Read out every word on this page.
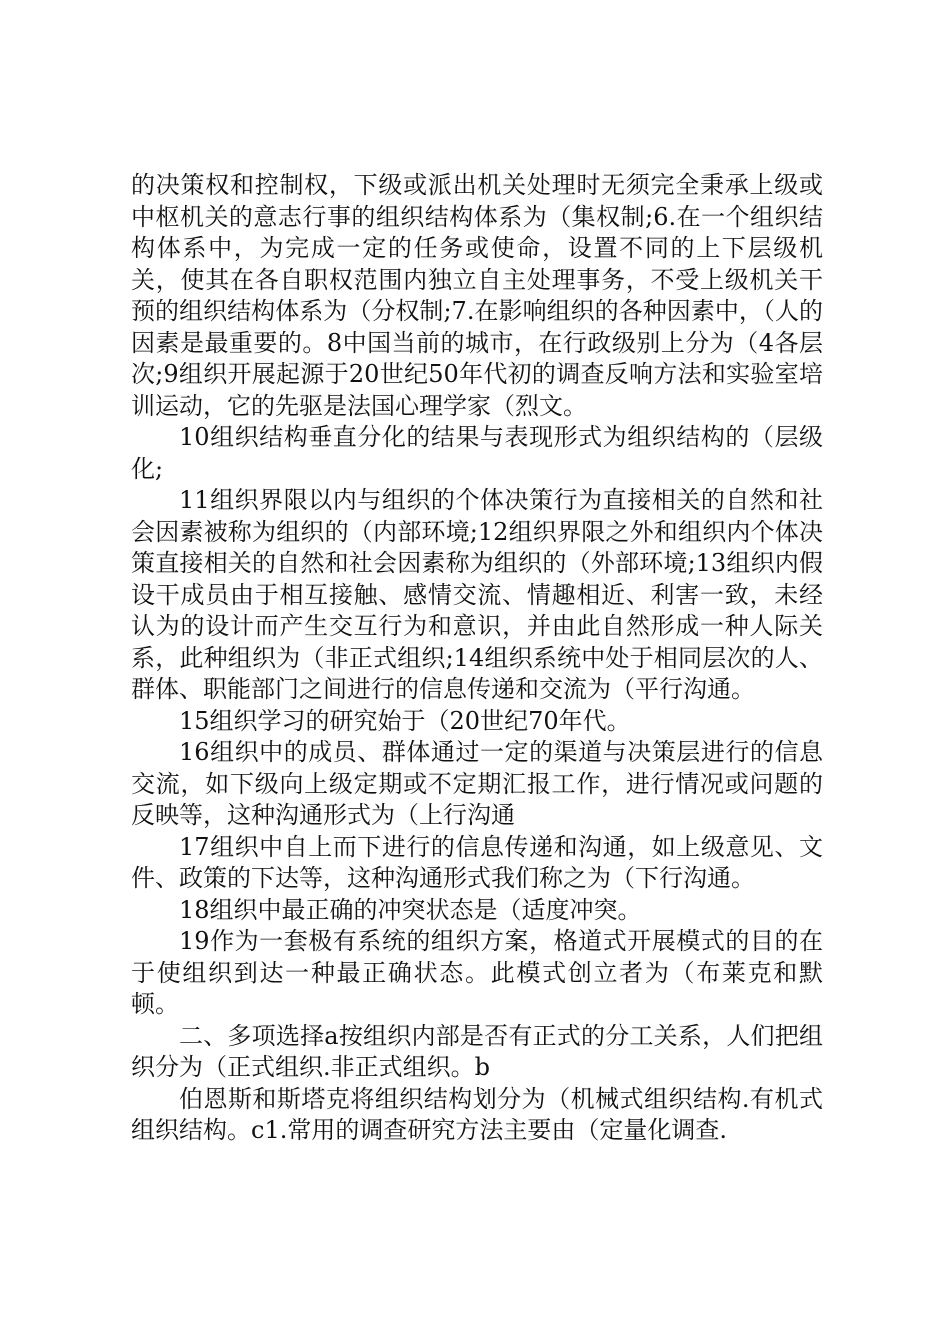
的决策权和控制权，下级或派出机关处理时无须完全秉承上级或中枢机关的意志行事的组织结构体系为（集权制;6.在一个组织结构体系中，为完成一定的任务或使命，设置不同的上下层级机关，使其在各自职权范围内独立自主处理事务，不受上级机关干预的组织结构体系为（分权制;7.在影响组织的各种因素中，（人的因素是最重要的。8中国当前的城市，在行政级别上分为（4各层次;9组织开展起源于20世纪50年代初的调查反响方法和实验室培训运动，它的先驱是法国心理学家（烈文。

10组织结构垂直分化的结果与表现形式为组织结构的（层级化;

11组织界限以内与组织的个体决策行为直接相关的自然和社会因素被称为组织的（内部环境;12组织界限之外和组织内个体决策直接相关的自然和社会因素称为组织的（外部环境;13组织内假设干成员由于相互接触、感情交流、情趣相近、利害一致，未经认为的设计而产生交互行为和意识，并由此自然形成一种人际关系，此种组织为（非正式组织;14组织系统中处于相同层次的人、群体、职能部门之间进行的信息传递和交流为（平行沟通。

15组织学习的研究始于（20世纪70年代。

16组织中的成员、群体通过一定的渠道与决策层进行的信息交流，如下级向上级定期或不定期汇报工作，进行情况或问题的反映等，这种沟通形式为（上行沟通

17组织中自上而下进行的信息传递和沟通，如上级意见、文件、政策的下达等，这种沟通形式我们称之为（下行沟通。

18组织中最正确的冲突状态是（适度冲突。

19作为一套极有系统的组织方案，格道式开展模式的目的在于使组织到达一种最正确状态。此模式创立者为（布莱克和默顿。

二、多项选择a按组织内部是否有正式的分工关系，人们把组织分为（正式组织.非正式组织。b

伯恩斯和斯塔克将组织结构划分为（机械式组织结构.有机式组织结构。c1.常用的调查研究方法主要由（定量化调查.
